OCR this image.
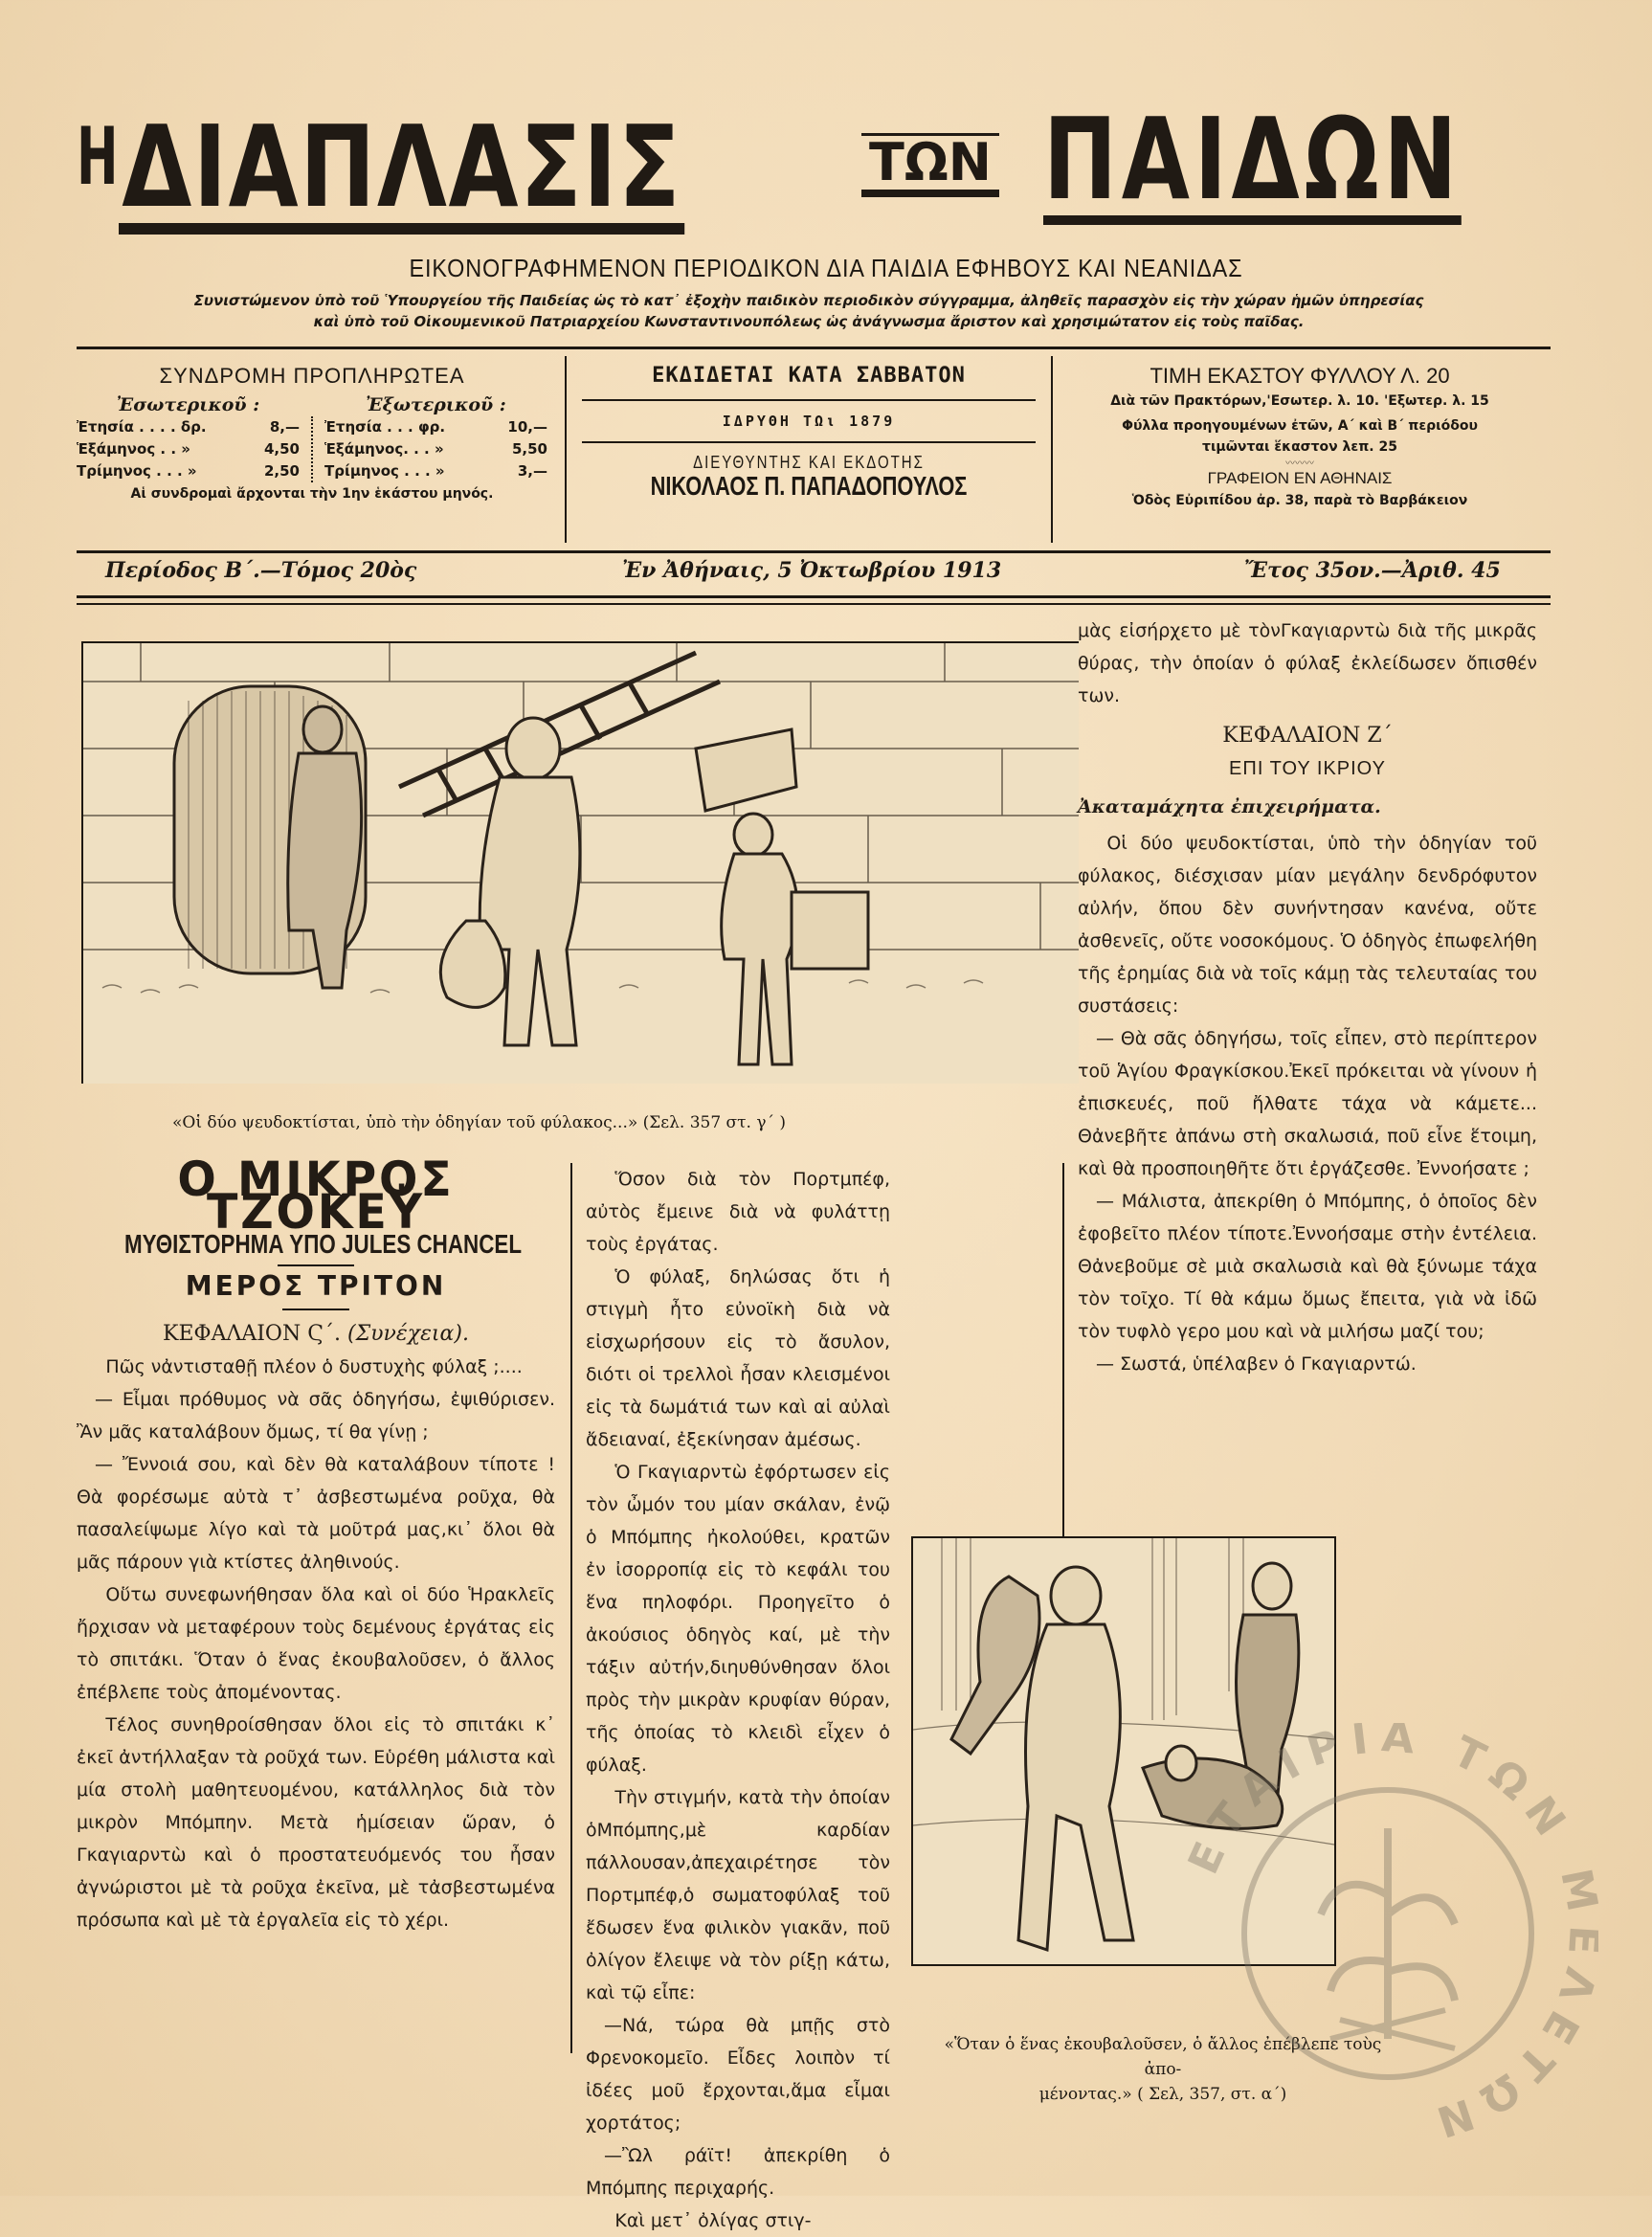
Η ΔΙΑΠΛΑΣΙΣ	ΤΩΝ ΠΑΙΔΩΝ
ΕΙΚΟΝΟΓΡΑΦΗΜΕΝΟΝ ΠΕΡΙΟΔΙΚΟΝ ΔΙΑ ΠΑΙΔΙΑ ΕΦΗΒΟΥΣ ΚΑΙ ΝΕΑΝΙΔΑΣ
Συνιστώμενον ὑπὸ τοῦ Ὑπουργείου τῆς Παιδείας ὡς τὸ κατ᾽ ἐξοχὴν παιδικὸν περιοδικὸν σύγγραμμα, ἀληθεῖς παρασχὸν εἰς τὴν χώραν ἡμῶν ὑπηρεσίας
καὶ ὑπὸ τοῦ Οἰκουμενικοῦ Πατριαρχείου Κωνσταντινουπόλεως ὡς ἀνάγνωσμα ἄριστον καὶ χρησιμώτατον εἰς τοὺς παῖδας.
ΣΥΝΔΡΟΜΗ ΠΡΟΠΛΗΡΩΤΕΑ
Ἐσωτερικοῦ :	Ἐξωτερικοῦ :
Ἐτησία . . . . δρ.	8,—
Ἑξάμηνος . . »	4,50
Τρίμηνος . . . »	2,50
Ἐτησία . . . φρ.	10,—
Ἑξάμηνος. . . »	5,50
Τρίμηνος . . . »	3,—
Αἱ συνδρομαὶ ἄρχονται τὴν 1ην ἑκάστου μηνός.
ΕΚΔΙΔΕΤΑΙ ΚΑΤΑ ΣΑΒΒΑΤΟΝ
ΙΔΡΥΘΗ ΤΩι 1879
ΔΙΕΥΘΥΝΤΗΣ ΚΑΙ ΕΚΔΟΤΗΣ
ΝΙΚΟΛΑΟΣ Π. ΠΑΠΑΔΟΠΟΥΛΟΣ
ΤΙΜΗ ΕΚΑΣΤΟΥ ΦΥΛΛΟΥ Λ. 20
Διὰ τῶν Πρακτόρων,'Εσωτερ. λ. 10. 'Εξωτερ. λ. 15
Φύλλα προηγουμένων ἐτῶν, Α΄ καὶ Β΄ περιόδου
τιμῶνται ἕκαστον λεπ. 25
〰〰〰
ΓΡΑΦΕΙΟΝ ΕΝ ΑΘΗΝΑΙΣ
Ὁδὸς Εὐριπίδου ἀρ. 38, παρὰ τὸ Βαρβάκειον
Περίοδος Β΄.—Τόμος 20ὸς	Ἐν Ἀθήναις, 5 Ὀκτωβρίου 1913	Ἔτος 35ον.—Ἀριθ. 45
«Οἱ δύο ψευδοκτίσται, ὑπὸ τὴν ὁδηγίαν τοῦ φύλακος...» (Σελ. 357 στ. γ΄ )
Ο ΜΙΚΡΟΣ ΤΖΟΚΕΫ
ΜΥΘΙΣΤΟΡΗΜΑ ΥΠΟ JULES CHANCEL
ΜΕΡΟΣ ΤΡΙΤΟΝ
ΚΕΦΑΛΑΙΟΝ Ϛ΄. (Συνέχεια).

Πῶς νἀντισταθῇ πλέον ὁ δυστυχὴς φύλαξ ;....

— Εἶμαι πρόθυμος νὰ σᾶς ὁδηγήσω, ἐψιθύρισεν. Ἂν μᾶς καταλάβουν ὅμως, τί θα γίνῃ ;

— Ἔννοιά σου, καὶ δὲν θὰ καταλάβουν τίποτε ! Θὰ φορέσωμε αὐτὰ τ᾽ ἀσβεστωμένα ροῦχα, θὰ πασαλείψωμε λίγο καὶ τὰ μοῦτρά μας,κι᾽ ὅλοι θὰ μᾶς πάρουν γιὰ κτίστες ἀληθινούς.

Οὕτω συνεφωνήθησαν ὅλα καὶ οἱ δύο Ἡρακλεῖς ἤρχισαν νὰ μεταφέρουν τοὺς δεμένους ἐργάτας εἰς τὸ σπιτάκι. Ὅταν ὁ ἕνας ἐκουβαλοῦσεν, ὁ ἄλλος ἐπέβλεπε τοὺς ἀπομένοντας.

Τέλος συνηθροίσθησαν ὅλοι εἰς τὸ σπιτάκι κ᾽ ἐκεῖ ἀντήλλαξαν τὰ ροῦχά των. Εὑρέθη μάλιστα καὶ μία στολὴ μαθητευομένου, κατάλληλος διὰ τὸν μικρὸν Μπόμπην. Μετὰ ἡμίσειαν ὥραν, ὁ Γκαγιαρντὼ καὶ ὁ προστατευόμενός του ἦσαν ἀγνώριστοι μὲ τὰ ροῦχα ἐκεῖνα, μὲ τἀσβεστωμένα πρόσωπα καὶ μὲ τὰ ἐργαλεῖα εἰς τὸ χέρι.

Ὅσον διὰ τὸν Πορτμπέφ, αὐτὸς ἔμεινε διὰ νὰ φυλάττῃ τοὺς ἐργάτας.

Ὁ φύλαξ, δηλώσας ὅτι ἡ στιγμὴ ἦτο εὐνοϊκὴ διὰ νὰ εἰσχωρήσουν εἰς τὸ ἄσυλον, διότι οἱ τρελλοὶ ἦσαν κλεισμένοι εἰς τὰ δωμάτιά των καὶ αἱ αὐλαὶ ἄδειαναί, ἐξεκίνησαν ἀμέσως.

Ὁ Γκαγιαρντὼ ἐφόρτωσεν εἰς τὸν ὦμόν του μίαν σκάλαν, ἐνῷ ὁ Μπόμπης ἠκολούθει, κρατῶν ἐν ἰσορροπίᾳ εἰς τὸ κεφάλι του ἕνα πηλοφόρι. Προηγεῖτο ὁ ἀκούσιος ὁδηγὸς καί, μὲ τὴν τάξιν αὐτήν,διηυθύνθησαν ὅλοι πρὸς τὴν μικρὰν κρυφίαν θύραν, τῆς ὁποίας τὸ κλειδὶ εἶχεν ὁ φύλαξ.

Τὴν στιγμήν, κατὰ τὴν ὁποίαν ὁΜπόμπης,μὲ καρδίαν πάλλουσαν,ἀπεχαιρέτησε τὸν Πορτμπέφ,ὁ σωματοφύλαξ τοῦ ἔδωσεν ἕνα φιλικὸν γιακᾶν, ποῦ ὀλίγον ἔλειψε νὰ τὸν ρίξῃ κάτω, καὶ τῷ εἶπε:

—Νά, τώρα θὰ μπῇς στὸ Φρενοκομεῖο. Εἶδες λοιπὸν τί ἰδέες μοῦ ἔρχονται,ἅμα εἶμαι χορτάτος;

—Ὢλ ράϊτ! ἀπεκρίθη ὁ Μπόμπης περιχαρής.

Καὶ μετ᾽ ὀλίγας στιγ-

μὰς εἰσήρχετο μὲ τὸνΓκαγιαρντὼ διὰ τῆς μικρᾶς θύρας, τὴν ὁποίαν ὁ φύλαξ ἐκλείδωσεν ὄπισθέν των.

ΚΕΦΑΛΑΙΟΝ Ζ΄
ΕΠΙ ΤΟΥ ΙΚΡΙΟΥ
Ἀκαταμάχητα ἐπιχειρήματα.

Οἱ δύο ψευδοκτίσται, ὑπὸ τὴν ὁδηγίαν τοῦ φύλακος, διέσχισαν μίαν μεγάλην δενδρόφυτον αὐλήν, ὅπου δὲν συνήντησαν κανένα, οὔτε ἀσθενεῖς, οὔτε νοσοκόμους. Ὁ ὁδηγὸς ἐπωφελήθη τῆς ἐρημίας διὰ νὰ τοῖς κάμῃ τὰς τελευταίας του συστάσεις:

— Θὰ σᾶς ὁδηγήσω, τοῖς εἶπεν, στὸ περίπτερον τοῦ Ἁγίου Φραγκίσκου.Ἐκεῖ πρόκειται νὰ γίνουν ἡ ἐπισκευές, ποῦ ἤλθατε τάχα νὰ κάμετε... Θἀνεβῆτε ἀπάνω στὴ σκαλωσιά, ποῦ εἶνε ἕτοιμη, καὶ θὰ προσποιηθῆτε ὅτι ἐργάζεσθε. Ἐννοήσατε ;

— Μάλιστα, ἀπεκρίθη ὁ Μπόμπης, ὁ ὁποῖος δὲν ἐφοβεῖτο πλέον τίποτε.Ἐννοήσαμε στὴν ἐντέλεια. Θἀνεβοῦμε σὲ μιὰ σκαλωσιὰ καὶ θὰ ξύνωμε τάχα τὸν τοῖχο. Τί θὰ κάμω ὅμως ἔπειτα, γιὰ νὰ ἰδῶ τὸν τυφλὸ γερο μου καὶ νὰ μιλήσω μαζί του;

— Σωστά, ὑπέλαβεν ὁ Γκαγιαρντώ.

«Ὅταν ὁ ἕνας ἐκουβαλοῦσεν, ὁ ἄλλος ἐπέβλεπε τοὺς ἀπο-
μένοντας.» ( Σελ, 357, στ. α΄)
ΕΤΑΙΡΙΑ ΤΩΝ ΕΤΩΝ
